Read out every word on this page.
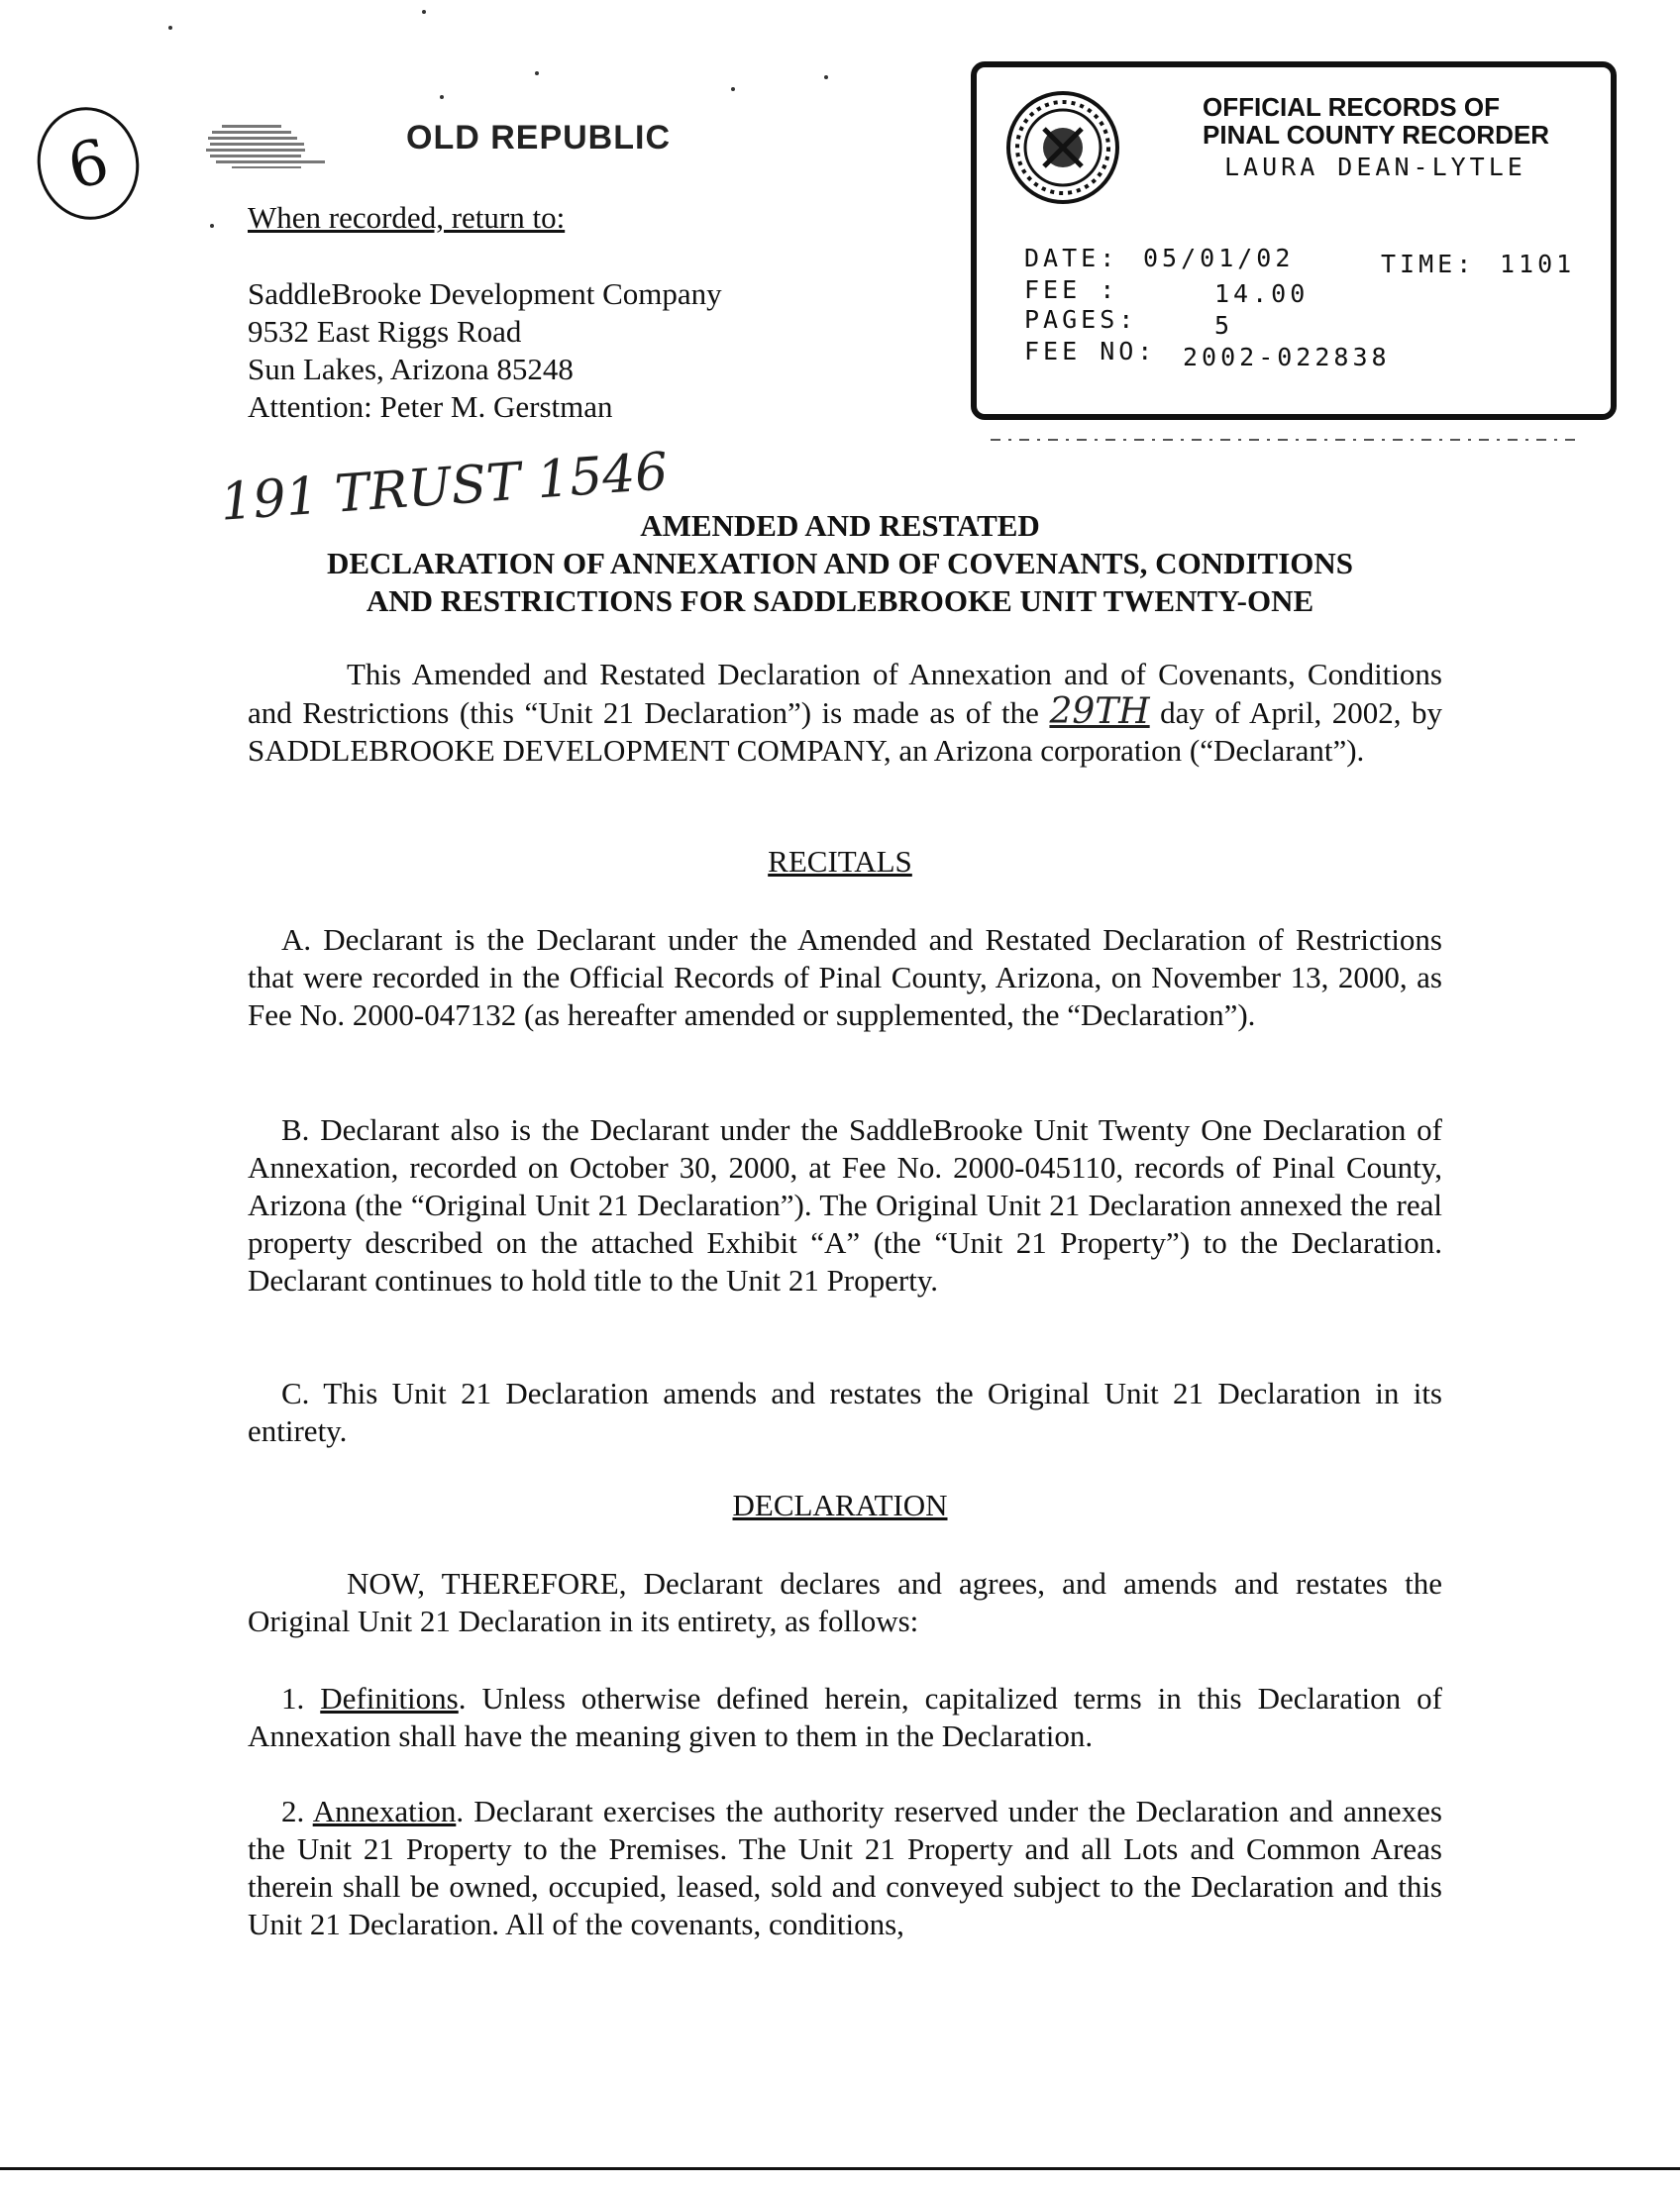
6	OLD REPUBLIC
When recorded, return to:
SaddleBrooke Development Company
9532 East Riggs Road
Sun Lakes, Arizona 85248
Attention: Peter M. Gerstman
OFFICIAL RECORDS OF
PINAL COUNTY RECORDER
LAURA DEAN-LYTLE
DATE: 05/01/02	TIME: 1101
FEE :	14.00
PAGES:	5
FEE NO: 2002-022838
191 TRUST 1546
AMENDED AND RESTATED
DECLARATION OF ANNEXATION AND OF COVENANTS, CONDITIONS
AND RESTRICTIONS FOR SADDLEBROOKE UNIT TWENTY-ONE

This Amended and Restated Declaration of Annexation and of Covenants, Conditions and Restrictions (this “Unit 21 Declaration”) is made as of the 29TH day of April, 2002, by SADDLEBROOKE DEVELOPMENT COMPANY, an Arizona corporation (“Declarant”).

RECITALS

A. Declarant is the Declarant under the Amended and Restated Declaration of Restrictions that were recorded in the Official Records of Pinal County, Arizona, on November 13, 2000, as Fee No. 2000-047132 (as hereafter amended or supplemented, the “Declaration”).

B. Declarant also is the Declarant under the SaddleBrooke Unit Twenty One Declaration of Annexation, recorded on October 30, 2000, at Fee No. 2000-045110, records of Pinal County, Arizona (the “Original Unit 21 Declaration”). The Original Unit 21 Declaration annexed the real property described on the attached Exhibit “A” (the “Unit 21 Property”) to the Declaration. Declarant continues to hold title to the Unit 21 Property.

C. This Unit 21 Declaration amends and restates the Original Unit 21 Declaration in its entirety.

DECLARATION

NOW, THEREFORE, Declarant declares and agrees, and amends and restates the Original Unit 21 Declaration in its entirety, as follows:

1. Definitions. Unless otherwise defined herein, capitalized terms in this Declaration of Annexation shall have the meaning given to them in the Declaration.

2. Annexation. Declarant exercises the authority reserved under the Declaration and annexes the Unit 21 Property to the Premises. The Unit 21 Property and all Lots and Common Areas therein shall be owned, occupied, leased, sold and conveyed subject to the Declaration and this Unit 21 Declaration. All of the covenants, conditions,
